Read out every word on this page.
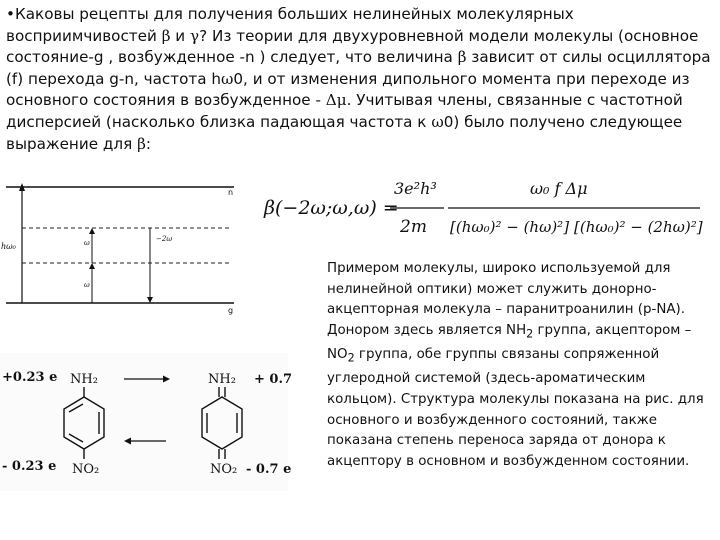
•Каковы рецепты для получения больших нелинейных молекулярных восприимчивостей β и γ? Из теории для двухуровневной модели молекулы (основное состояние-g , возбужденное -n ) следует, что величина β зависит от силы осциллятора (f) перехода g-n, частота hω0, и от изменения дипольного момента при переходе из основного состояния в возбужденное - Δμ. Учитывая члены, связанные с частотной дисперсией (насколько близка падающая частота к ω0) было получено следующее выражение для β:

β(−2ω;ω,ω) =
3e²h³
2m
ω₀ f Δμ
[(hω₀)² − (hω)²] [(hω₀)² − (2hω)²]
n
g
hω₀
ω
ω	−2ω
+0.23 e
- 0.23 e
NH₂
NO₂
NH₂
NO₂
+ 0.7
- 0.7 e

Примером молекулы, широко используемой для нелинейной оптики) может служить донорно-акцепторная молекула – паранитроанилин (p-NA). Донором здесь является $NH_2$ группа, акцептором – $NO_2$ группа, обе группы связаны сопряженной углеродной системой (здесь-ароматическим кольцом). Структура молекулы показана на рис. для основного и возбужденного состояний, также показана степень переноса заряда от донора к акцептору в основном и возбужденном состоянии.
